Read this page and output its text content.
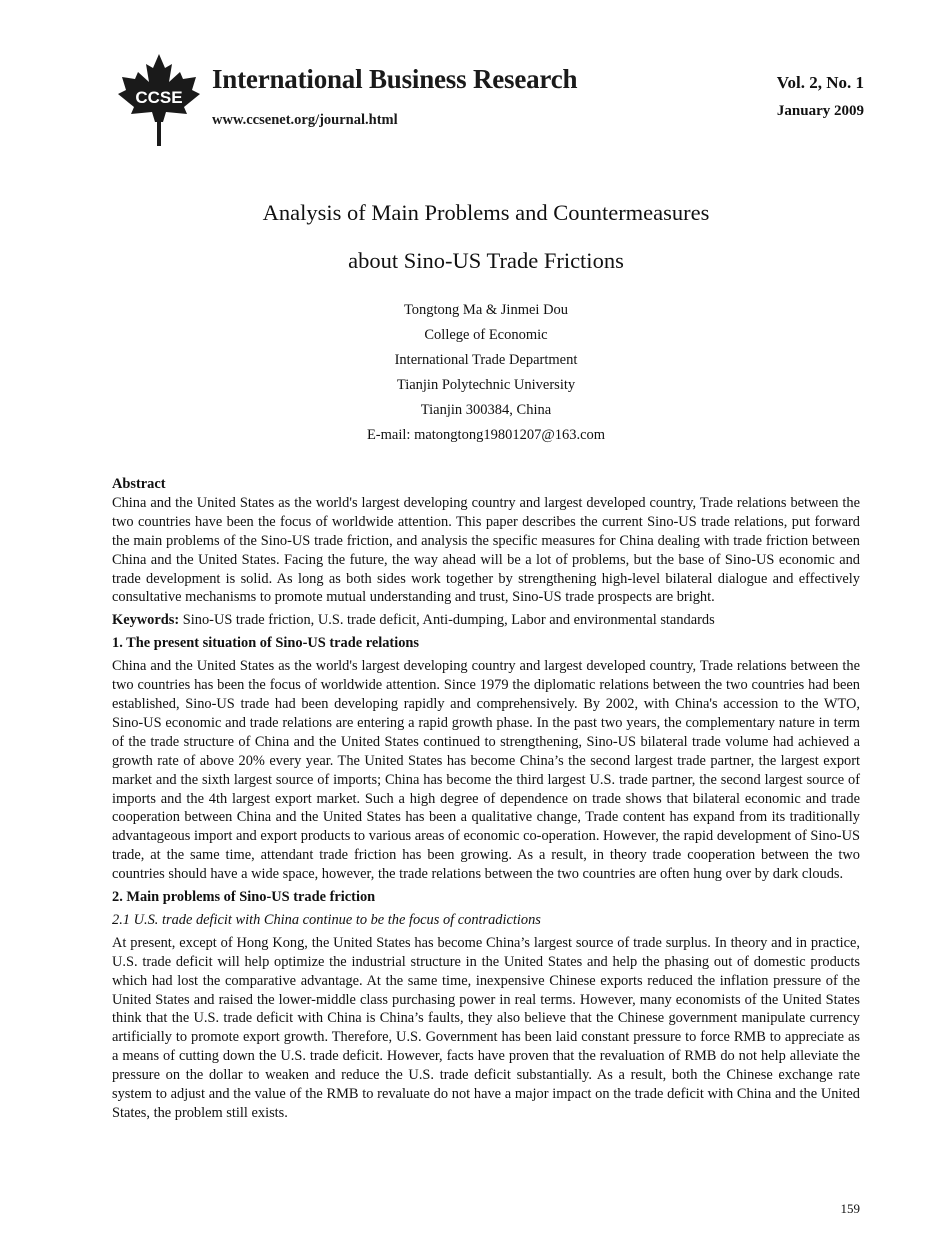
CCSE
International Business Research
www.ccsenet.org/journal.html
Vol. 2, No. 1
January 2009
Analysis of Main Problems and Countermeasures
about Sino-US Trade Frictions
Tongtong Ma & Jinmei Dou
College of Economic
International Trade Department
Tianjin Polytechnic University
Tianjin 300384, China
E-mail: matongtong19801207@163.com

Abstract

China and the United States as the world's largest developing country and largest developed country, Trade relations between the two countries have been the focus of worldwide attention. This paper describes the current Sino-US trade relations, put forward the main problems of the Sino-US trade friction, and analysis the specific measures for China dealing with trade friction between China and the United States. Facing the future, the way ahead will be a lot of problems, but the base of Sino-US economic and trade development is solid. As long as both sides work together by strengthening high-level bilateral dialogue and effectively consultative mechanisms to promote mutual understanding and trust, Sino-US trade prospects are bright.

Keywords: Sino-US trade friction, U.S. trade deficit, Anti-dumping, Labor and environmental standards

1. The present situation of Sino-US trade relations

China and the United States as the world's largest developing country and largest developed country, Trade relations between the two countries has been the focus of worldwide attention. Since 1979 the diplomatic relations between the two countries had been established, Sino-US trade had been developing rapidly and comprehensively. By 2002, with China's accession to the WTO, Sino-US economic and trade relations are entering a rapid growth phase. In the past two years, the complementary nature in term of the trade structure of China and the United States continued to strengthening, Sino-US bilateral trade volume had achieved a growth rate of above 20% every year. The United States has become China’s the second largest trade partner, the largest export market and the sixth largest source of imports; China has become the third largest U.S. trade partner, the second largest source of imports and the 4th largest export market. Such a high degree of dependence on trade shows that bilateral economic and trade cooperation between China and the United States has been a qualitative change, Trade content has expand from its traditionally advantageous import and export products to various areas of economic co-operation. However, the rapid development of Sino-US trade, at the same time, attendant trade friction has been growing. As a result, in theory trade cooperation between the two countries should have a wide space, however, the trade relations between the two countries are often hung over by dark clouds.

2. Main problems of Sino-US trade friction

2.1 U.S. trade deficit with China continue to be the focus of contradictions

At present, except of Hong Kong, the United States has become China’s largest source of trade surplus. In theory and in practice, U.S. trade deficit will help optimize the industrial structure in the United States and help the phasing out of domestic products which had lost the comparative advantage. At the same time, inexpensive Chinese exports reduced the inflation pressure of the United States and raised the lower-middle class purchasing power in real terms. However, many economists of the United States think that the U.S. trade deficit with China is China’s faults, they also believe that the Chinese government manipulate currency artificially to promote export growth. Therefore, U.S. Government has been laid constant pressure to force RMB to appreciate as a means of cutting down the U.S. trade deficit. However, facts have proven that the revaluation of RMB do not help alleviate the pressure on the dollar to weaken and reduce the U.S. trade deficit substantially. As a result, both the Chinese exchange rate system to adjust and the value of the RMB to revaluate do not have a major impact on the trade deficit with China and the United States, the problem still exists.

159
